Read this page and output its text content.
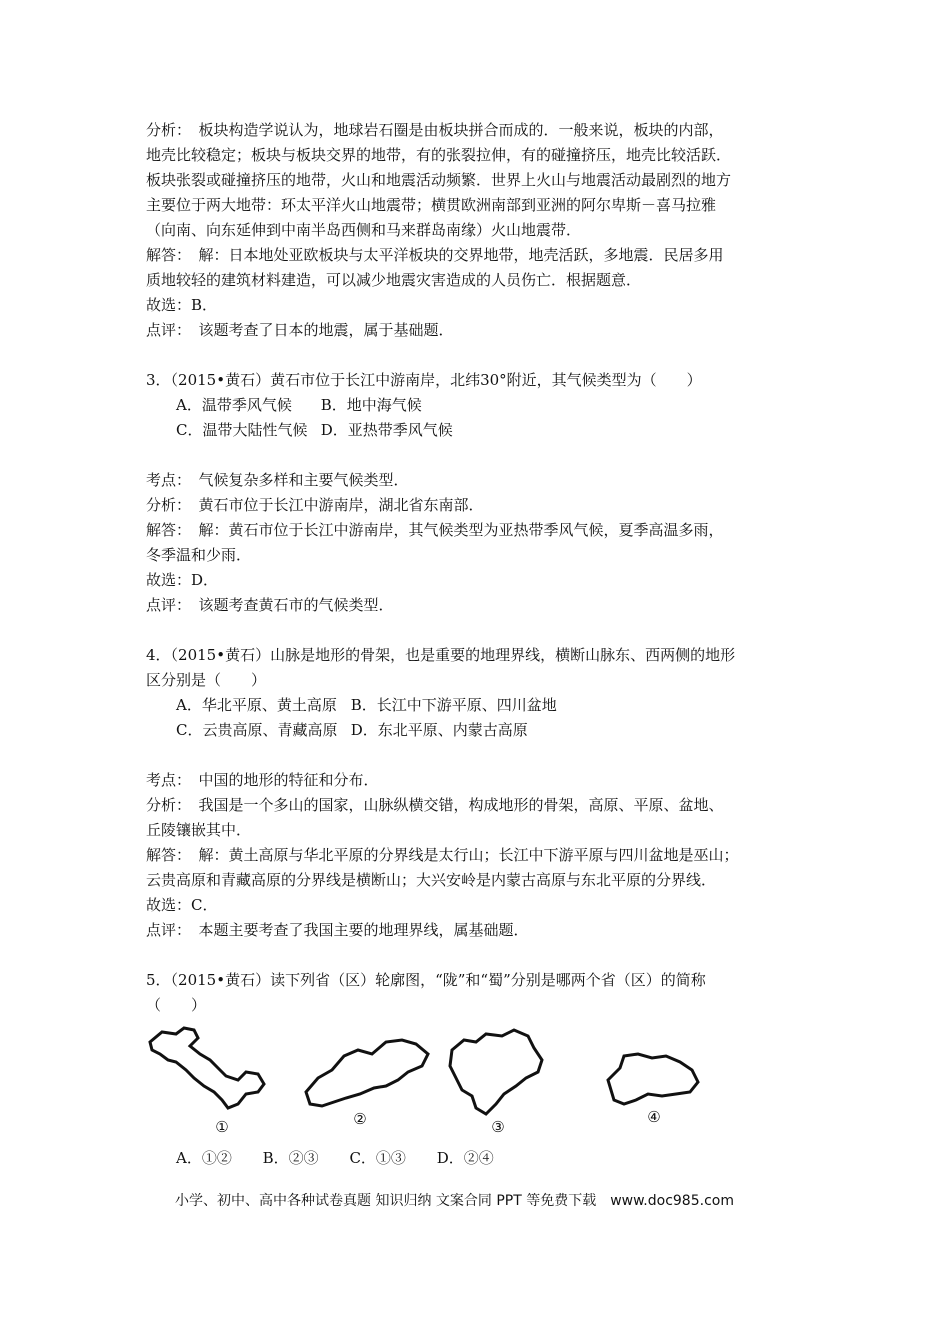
分析：　板块构造学说认为，地球岩石圈是由板块拼合而成的．一般来说，板块的内部，
地壳比较稳定；板块与板块交界的地带，有的张裂拉伸，有的碰撞挤压，地壳比较活跃．
板块张裂或碰撞挤压的地带，火山和地震活动频繁．世界上火山与地震活动最剧烈的地方
主要位于两大地带：环太平洋火山地震带；横贯欧洲南部到亚洲的阿尔卑斯－喜马拉雅
（向南、向东延伸到中南半岛西侧和马来群岛南缘）火山地震带．
解答：　解：日本地处亚欧板块与太平洋板块的交界地带，地壳活跃，多地震．民居多用
质地较轻的建筑材料建造，可以减少地震灾害造成的人员伤亡．根据题意．
故选：B．
点评：　该题考查了日本的地震，属于基础题．
3．（2015•黄石）黄石市位于长江中游南岸，北纬30°附近，其气候类型为（　　）
A．温带季风气候 B．地中海气候
C．温带大陆性气候 D．亚热带季风气候
考点：　气候复杂多样和主要气候类型．
分析：　黄石市位于长江中游南岸，湖北省东南部．
解答：　解：黄石市位于长江中游南岸，其气候类型为亚热带季风气候，夏季高温多雨，
冬季温和少雨．
故选：D．
点评：　该题考查黄石市的气候类型．
4．（2015•黄石）山脉是地形的骨架，也是重要的地理界线，横断山脉东、西两侧的地形
区分别是（　　）
A．华北平原、黄土高原 B．长江中下游平原、四川盆地
C．云贵高原、青藏高原 D．东北平原、内蒙古高原
考点：　中国的地形的特征和分布．
分析：　我国是一个多山的国家，山脉纵横交错，构成地形的骨架，高原、平原、盆地、
丘陵镶嵌其中．
解答：　解：黄土高原与华北平原的分界线是太行山；长江中下游平原与四川盆地是巫山；
云贵高原和青藏高原的分界线是横断山；大兴安岭是内蒙古高原与东北平原的分界线．
故选：C．
点评：　本题主要考查了我国主要的地理界线，属基础题．
5．（2015•黄石）读下列省（区）轮廓图，“陇”和“蜀”分别是哪两个省（区）的简称
（　　）
①	②	③
④
A．①② B．②③ C．①③ D．②④
小学、初中、高中各种试卷真题 知识归纳 文案合同 PPT 等免费下载　www.doc985.com
